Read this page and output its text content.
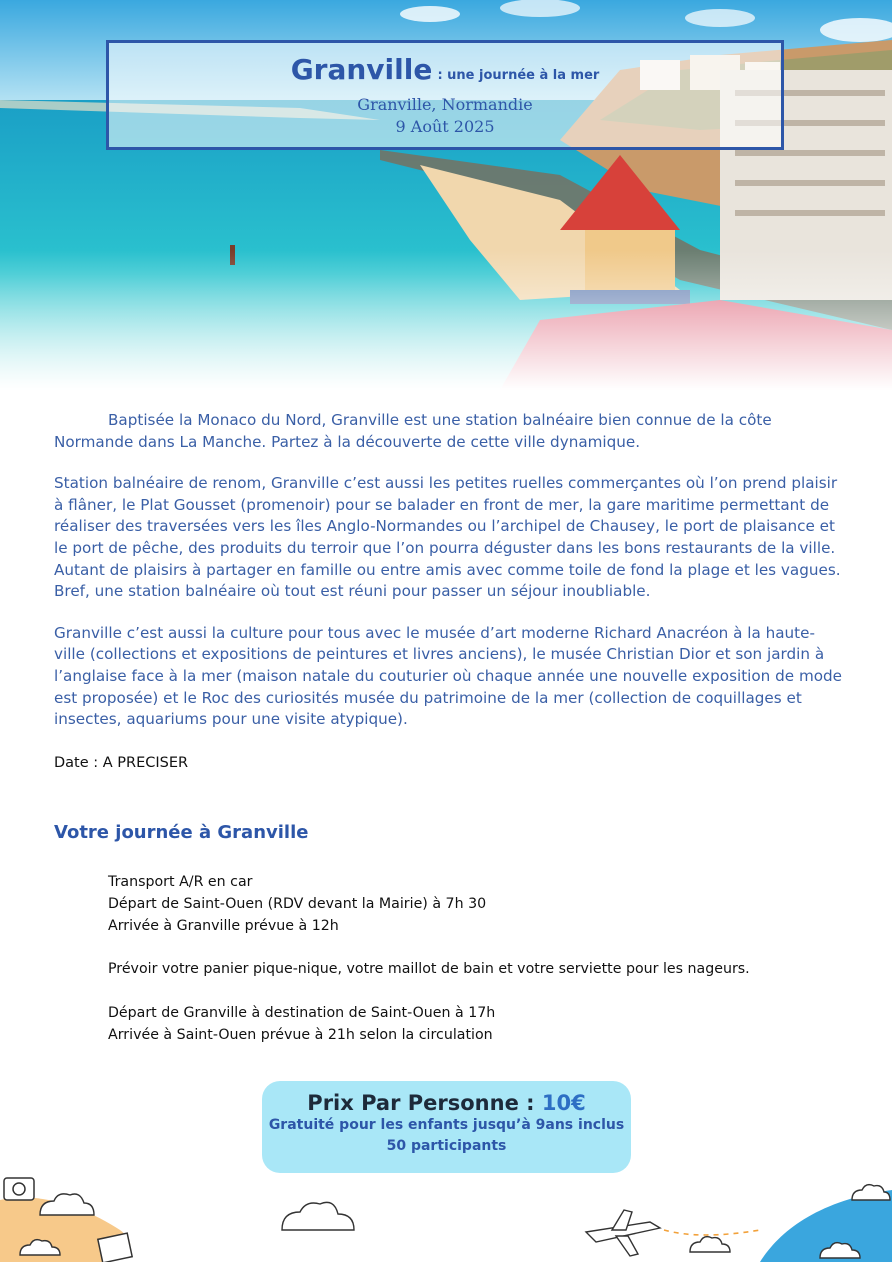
Granville : une journée à la mer
Granville, Normandie
9 Août 2025

Baptisée la Monaco du Nord, Granville est une station balnéaire bien connue de la côte Normande dans La Manche. Partez à la découverte de cette ville dynamique.

Station balnéaire de renom, Granville c’est aussi les petites ruelles commerçantes où l’on prend plaisir à flâner, le Plat Gousset (promenoir) pour se balader en front de mer, la gare maritime permettant de réaliser des traversées vers les îles Anglo-Normandes ou l’archipel de Chausey, le port de plaisance et le port de pêche, des produits du terroir que l’on pourra déguster dans les bons restaurants de la ville. Autant de plaisirs à partager en famille ou entre amis avec comme toile de fond la plage et les vagues. Bref, une station balnéaire où tout est réuni pour passer un séjour inoubliable.

Granville c’est aussi la culture pour tous avec le musée d’art moderne Richard Anacréon à la haute-ville (collections et expositions de peintures et livres anciens), le musée Christian Dior et son jardin à l’anglaise face à la mer (maison natale du couturier où chaque année une nouvelle exposition de mode est proposée) et le Roc des curiosités musée du patrimoine de la mer (collection de coquillages et insectes, aquariums pour une visite atypique).

Date : A PRECISER
Votre journée à Granville
Transport A/R en car
Départ de Saint-Ouen (RDV devant la Mairie) à 7h 30
Arrivée à Granville prévue à 12h
Prévoir votre panier pique-nique, votre maillot de bain et votre serviette pour les nageurs.
Départ de Granville à destination de Saint-Ouen à 17h
Arrivée à Saint-Ouen prévue à 21h selon la circulation
Prix Par Personne : 10€
Gratuité pour les enfants jusqu’à 9ans inclus
50 participants
